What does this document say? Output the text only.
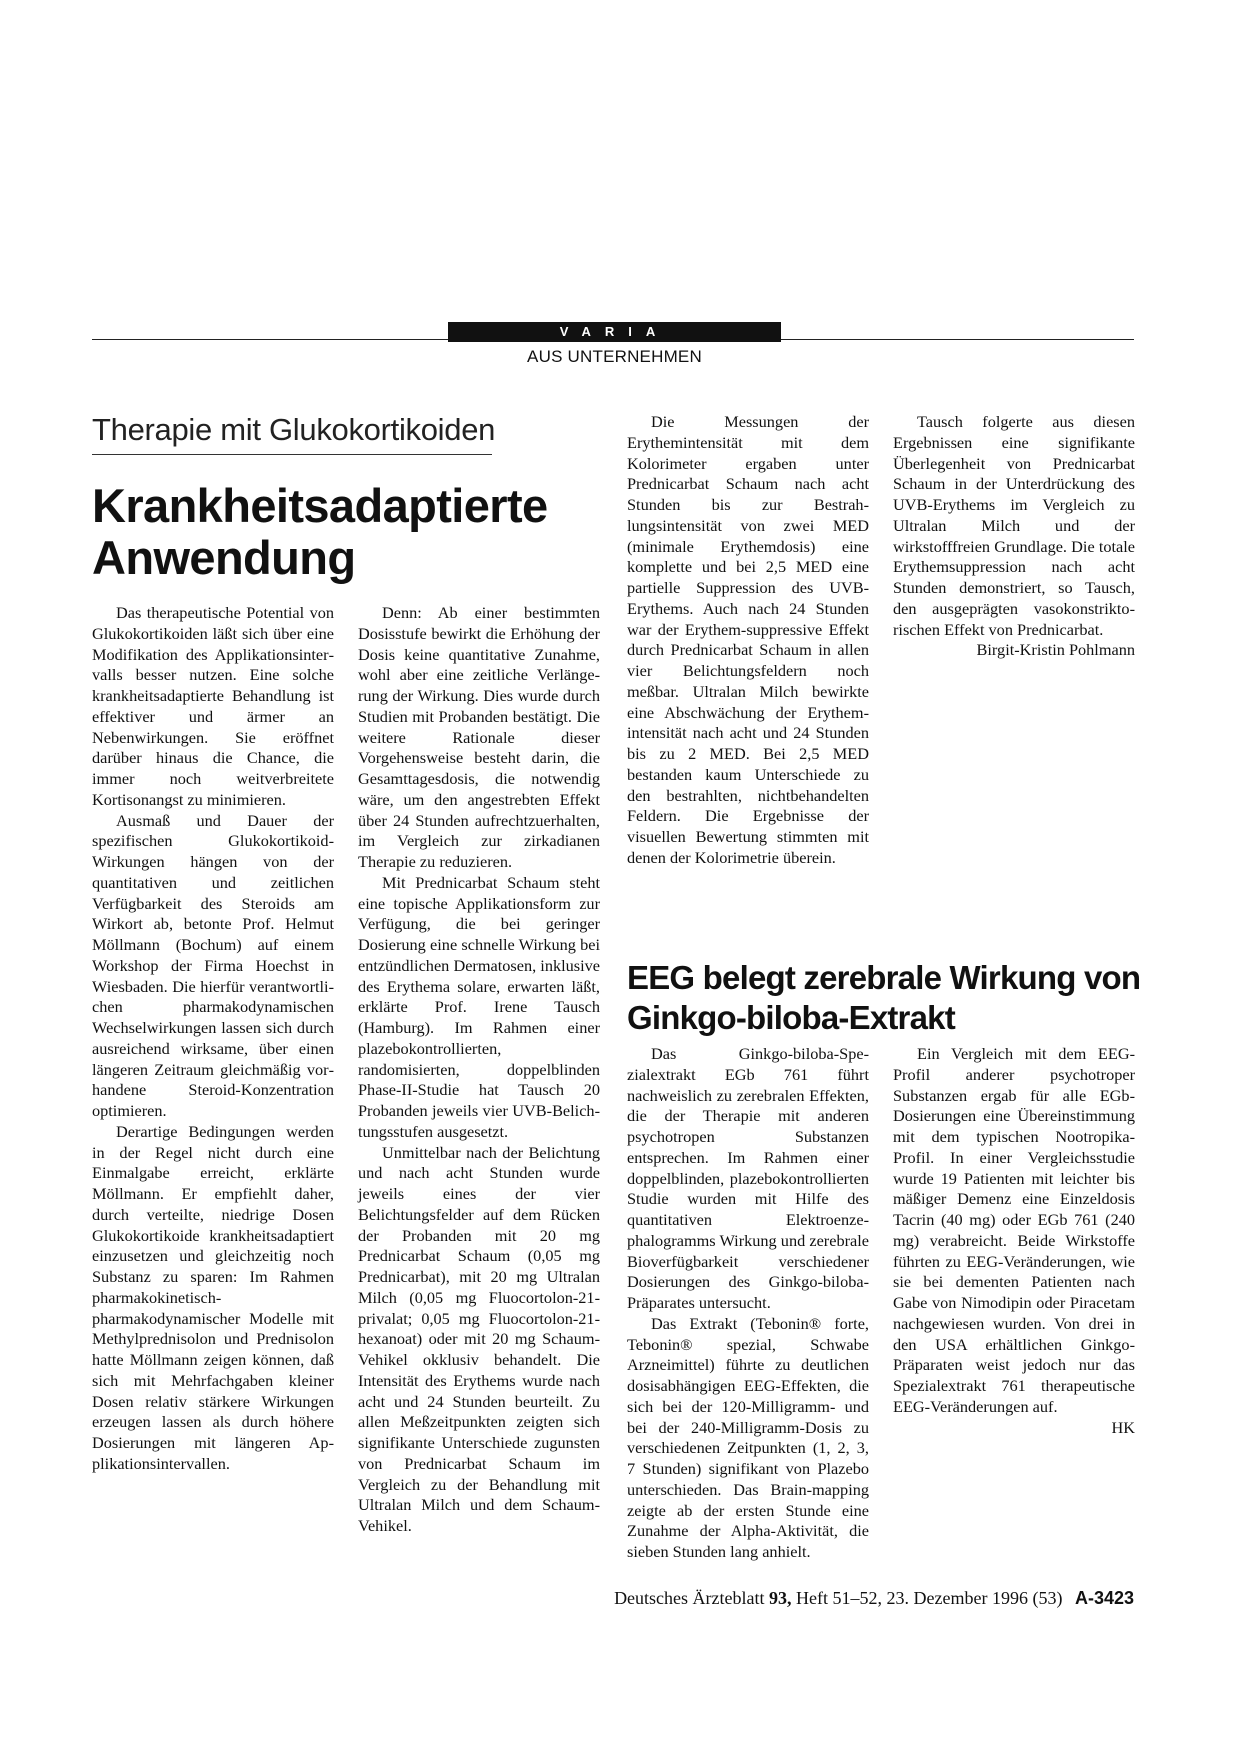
VARIA
AUS UNTERNEHMEN
Therapie mit Glukokortikoiden
Krankheitsadaptierte Anwendung

Das therapeutische Potential von Glukokortikoiden läßt sich über eine Modifikation des Applikationsintervalls besser nutzen. Eine solche krankheitsadaptierte Behandlung ist effektiver und ärmer an Nebenwirkungen. Sie eröffnet darüber hinaus die Chance, die immer noch weitverbreitete Kortisonangst zu minimieren.

Ausmaß und Dauer der spezifischen Glukokortikoid-Wirkungen hängen von der quantitativen und zeitlichen Verfügbarkeit des Steroids am Wirkort ab, betonte Prof. Helmut Möllmann (Bochum) auf einem Workshop der Firma Hoechst in Wiesbaden. Die hierfür verantwortlichen pharmakodynamischen Wechselwirkungen lassen sich durch ausreichend wirksame, über einen längeren Zeitraum gleichmäßig vorhandene Steroid-Konzentration optimieren.

Derartige Bedingungen werden in der Regel nicht durch eine Einmalgabe erreicht, erklärte Möllmann. Er empfiehlt daher, durch verteilte, niedrige Dosen Glukokortikoide krankheitsadaptiert einzusetzen und gleichzeitig noch Substanz zu sparen: Im Rahmen pharmakokinetisch-pharmakodynamischer Modelle mit Methylprednisolon und Prednisolon hatte Möllmann zeigen können, daß sich mit Mehrfachgaben kleiner Dosen relativ stärkere Wirkungen erzeugen lassen als durch höhere Dosierungen mit längeren Applikationsintervallen.

Denn: Ab einer bestimmten Dosisstufe bewirkt die Erhöhung der Dosis keine quantitative Zunahme, wohl aber eine zeitliche Verlängerung der Wirkung. Dies wurde durch Studien mit Probanden bestätigt. Die weitere Rationale dieser Vorgehensweise besteht darin, die Gesamttagesdosis, die notwendig wäre, um den angestrebten Effekt über 24 Stunden aufrechtzuerhalten, im Vergleich zur zirkadianen Therapie zu reduzieren.

Mit Prednicarbat Schaum steht eine topische Applikationsform zur Verfügung, die bei geringer Dosierung eine schnelle Wirkung bei entzündlichen Dermatosen, inklusive des Erythema solare, erwarten läßt, erklärte Prof. Irene Tausch (Hamburg). Im Rahmen einer plazebokontrollierten, randomisierten, doppelblinden Phase-II-Studie hat Tausch 20 Probanden jeweils vier UVB-Belichtungsstufen ausgesetzt.

Unmittelbar nach der Belichtung und nach acht Stunden wurde jeweils eines der vier Belichtungsfelder auf dem Rücken der Probanden mit 20 mg Prednicarbat Schaum (0,05 mg Prednicarbat), mit 20 mg Ultralan Milch (0,05 mg Fluocortolon-21-privalat; 0,05 mg Fluocortolon-21-hexanoat) oder mit 20 mg Schaum-Vehikel okklusiv behandelt. Die Intensität des Erythems wurde nach acht und 24 Stunden beurteilt. Zu allen Meßzeitpunkten zeigten sich signifikante Unterschiede zugunsten von Prednicarbat Schaum im Vergleich zu der Behandlung mit Ultralan Milch und dem Schaum-Vehikel.

Die Messungen der Erythemintensität mit dem Kolorimeter ergaben unter Prednicarbat Schaum nach acht Stunden bis zur Bestrahlungsintensität von zwei MED (minimale Erythemdosis) eine komplette und bei 2,5 MED eine partielle Suppression des UVB-Erythems. Auch nach 24 Stunden war der Erythem-suppressive Effekt durch Prednicarbat Schaum in allen vier Belichtungsfeldern noch meßbar. Ultralan Milch bewirkte eine Abschwächung der Erythemintensität nach acht und 24 Stunden bis zu 2 MED. Bei 2,5 MED bestanden kaum Unterschiede zu den bestrahlten, nichtbehandelten Feldern. Die Ergebnisse der visuellen Bewertung stimmten mit denen der Kolorimetrie überein.

Tausch folgerte aus diesen Ergebnissen eine signifikante Überlegenheit von Prednicarbat Schaum in der Unterdrückung des UVB-Erythems im Vergleich zu Ultralan Milch und der wirkstofffreien Grundlage. Die totale Erythemsuppression nach acht Stunden demonstriert, so Tausch, den ausgeprägten vasokonstriktorischen Effekt von Prednicarbat.

Birgit-Kristin Pohlmann

EEG belegt zerebrale Wirkung von Ginkgo-biloba-Extrakt

Das Ginkgo-biloba-Spezialextrakt EGb 761 führt nachweislich zu zerebralen Effekten, die der Therapie mit anderen psychotropen Substanzen entsprechen. Im Rahmen einer doppelblinden, plazebokontrollierten Studie wurden mit Hilfe des quantitativen Elektroenzephalogramms Wirkung und zerebrale Bioverfügbarkeit verschiedener Dosierungen des Ginkgo-biloba-Präparates untersucht.

Das Extrakt (Tebonin® forte, Tebonin® spezial, Schwabe Arzneimittel) führte zu deutlichen dosisabhängigen EEG-Effekten, die sich bei der 120-Milligramm- und bei der 240-Milligramm-Dosis zu verschiedenen Zeitpunkten (1, 2, 3, 7 Stunden) signifikant von Plazebo unterschieden. Das Brain-mapping zeigte ab der ersten Stunde eine Zunahme der Alpha-Aktivität, die sieben Stunden lang anhielt.

Ein Vergleich mit dem EEG-Profil anderer psychotroper Substanzen ergab für alle EGb-Dosierungen eine Übereinstimmung mit dem typischen Nootropika-Profil. In einer Vergleichsstudie wurde 19 Patienten mit leichter bis mäßiger Demenz eine Einzeldosis Tacrin (40 mg) oder EGb 761 (240 mg) verabreicht. Beide Wirkstoffe führten zu EEG-Veränderungen, wie sie bei dementen Patienten nach Gabe von Nimodipin oder Piracetam nachgewiesen wurden. Von drei in den USA erhältlichen Ginkgo-Präparaten weist jedoch nur das Spezialextrakt 761 therapeutische EEG-Veränderungen auf.

HK

Deutsches Ärzteblatt 93, Heft 51–52, 23. Dezember 1996 (53) A-3423
